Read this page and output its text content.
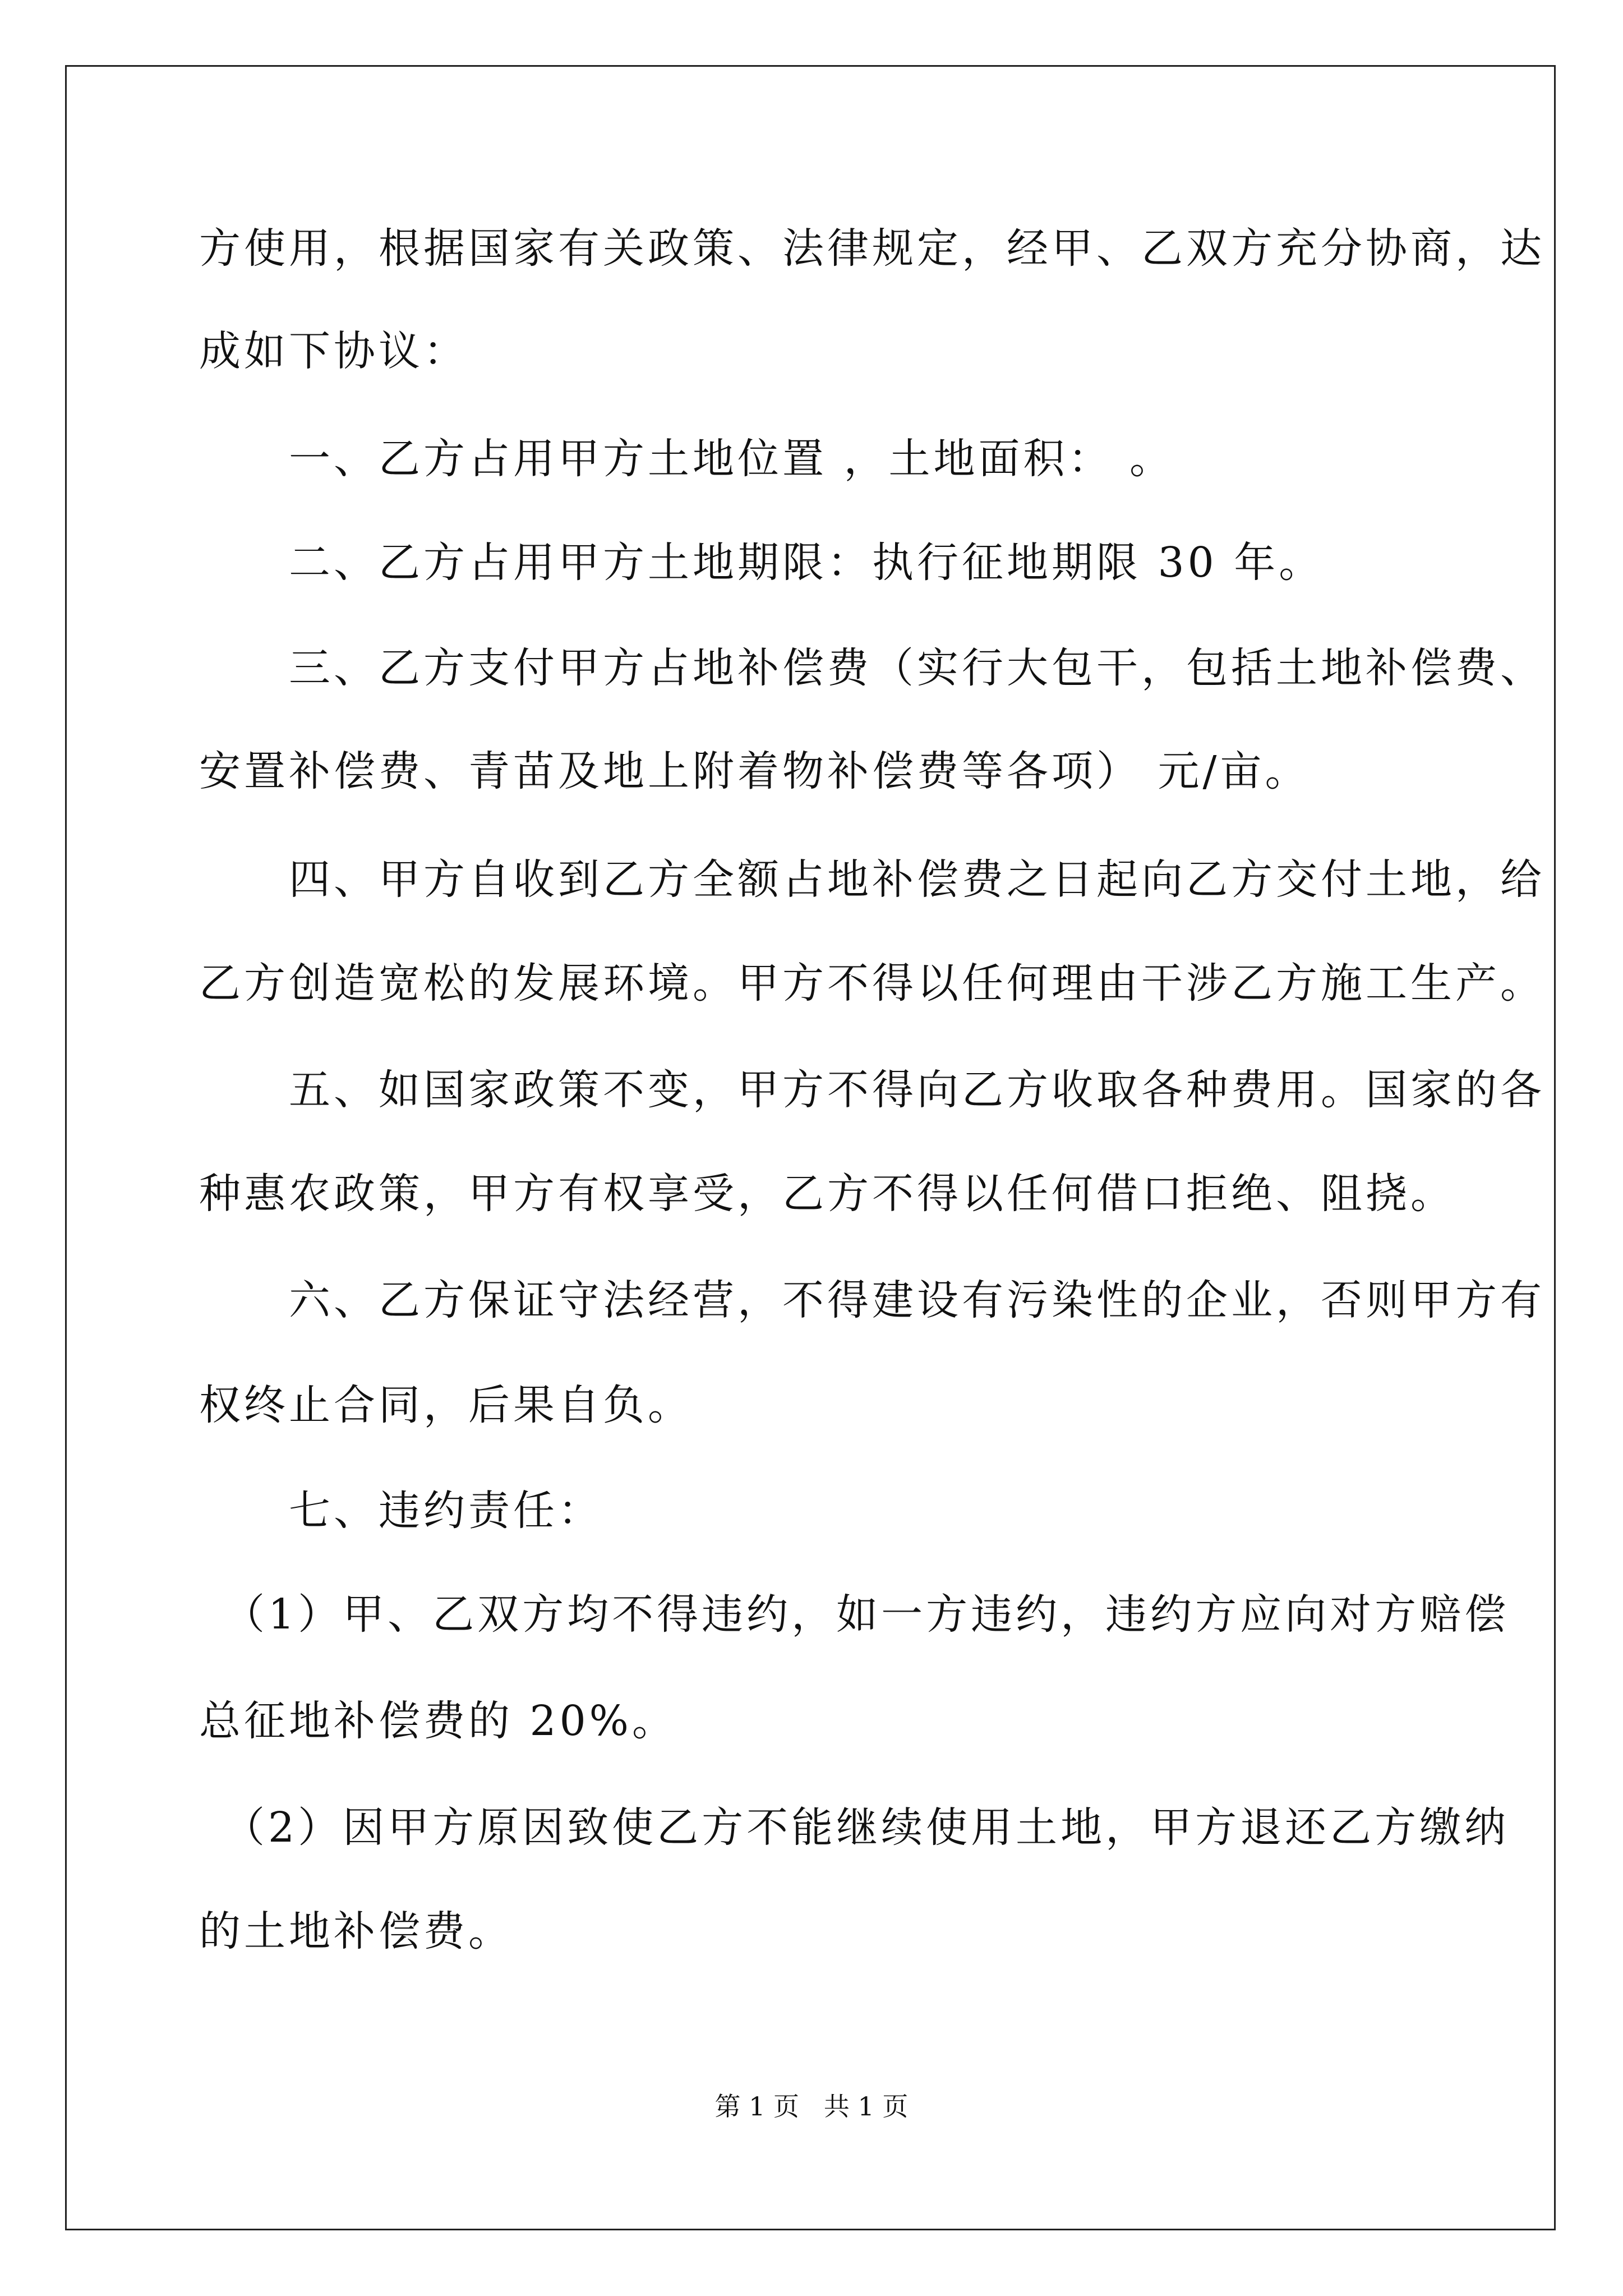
方使用，根据国家有关政策、法律规定，经甲、乙双方充分协商，达
成如下协议：
　　一、乙方占用甲方土地位置 ，土地面积： 。
　　二、乙方占用甲方土地期限：执行征地期限 30 年。
　　三、乙方支付甲方占地补偿费（实行大包干，包括土地补偿费、
安置补偿费、青苗及地上附着物补偿费等各项） 元/亩。
　　四、甲方自收到乙方全额占地补偿费之日起向乙方交付土地，给
乙方创造宽松的发展环境。甲方不得以任何理由干涉乙方施工生产。
　　五、如国家政策不变，甲方不得向乙方收取各种费用。国家的各
种惠农政策，甲方有权享受，乙方不得以任何借口拒绝、阻挠。
　　六、乙方保证守法经营，不得建设有污染性的企业，否则甲方有
权终止合同，后果自负。
　　七、违约责任：
　（1）甲、乙双方均不得违约，如一方违约，违约方应向对方赔偿
总征地补偿费的 20%。
　（2）因甲方原因致使乙方不能继续使用土地，甲方退还乙方缴纳
的土地补偿费。
第 1 页   共 1 页
